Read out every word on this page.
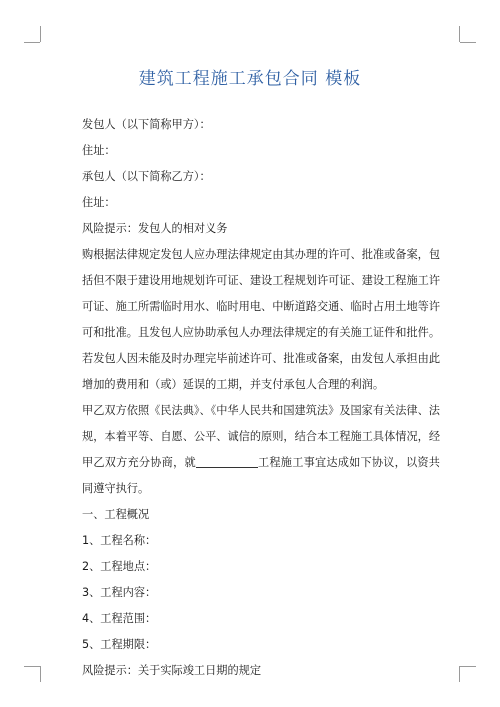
建筑工程施工承包合同 模板

发包人（以下简称甲方）：

住址：

承包人（以下简称乙方）：

住址：

风险提示：发包人的相对义务

购根据法律规定发包人应办理法律规定由其办理的许可、批准或备案，包括但不限于建设用地规划许可证、建设工程规划许可证、建设工程施工许可证、施工所需临时用水、临时用电、中断道路交通、临时占用土地等许可和批准。且发包人应协助承包人办理法律规定的有关施工证件和批件。

若发包人因未能及时办理完毕前述许可、批准或备案，由发包人承担由此增加的费用和（或）延误的工期，并支付承包人合理的利润。

甲乙双方依照《民法典》、《中华人民共和国建筑法》及国家有关法律、法规，本着平等、自愿、公平、诚信的原则，结合本工程施工具体情况，经甲乙双方充分协商，就	工程施工事宜达成如下协议，以资共同遵守执行。

一、工程概况

1、工程名称：

2、工程地点：

3、工程内容：

4、工程范围：

5、工程期限：

风险提示：关于实际竣工日期的规定
